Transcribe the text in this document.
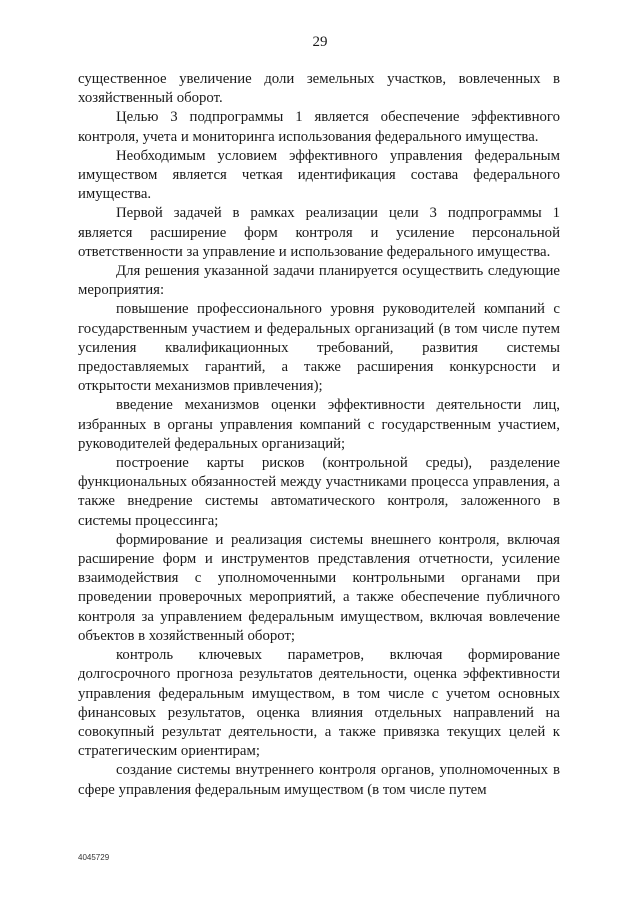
29

существенное увеличение доли земельных участков, вовлеченных в хозяйственный оборот.

Целью 3 подпрограммы 1 является обеспечение эффективного контроля, учета и мониторинга использования федерального имущества.

Необходимым условием эффективного управления федеральным имуществом является четкая идентификация состава федерального имущества.

Первой задачей в рамках реализации цели 3 подпрограммы 1 является расширение форм контроля и усиление персональной ответственности за управление и использование федерального имущества.

Для решения указанной задачи планируется осуществить следующие мероприятия:

повышение профессионального уровня руководителей компаний с государственным участием и федеральных организаций (в том числе путем усиления квалификационных требований, развития системы предоставляемых гарантий, а также расширения конкурсности и открытости механизмов привлечения);

введение механизмов оценки эффективности деятельности лиц, избранных в органы управления компаний с государственным участием, руководителей федеральных организаций;

построение карты рисков (контрольной среды), разделение функциональных обязанностей между участниками процесса управления, а также внедрение системы автоматического контроля, заложенного в системы процессинга;

формирование и реализация системы внешнего контроля, включая расширение форм и инструментов представления отчетности, усиление взаимодействия с уполномоченными контрольными органами при проведении проверочных мероприятий, а также обеспечение публичного контроля за управлением федеральным имуществом, включая вовлечение объектов в хозяйственный оборот;

контроль ключевых параметров, включая формирование долгосрочного прогноза результатов деятельности, оценка эффективности управления федеральным имуществом, в том числе с учетом основных финансовых результатов, оценка влияния отдельных направлений на совокупный результат деятельности, а также привязка текущих целей к стратегическим ориентирам;

создание системы внутреннего контроля органов, уполномоченных в сфере управления федеральным имуществом (в том числе путем

4045729
